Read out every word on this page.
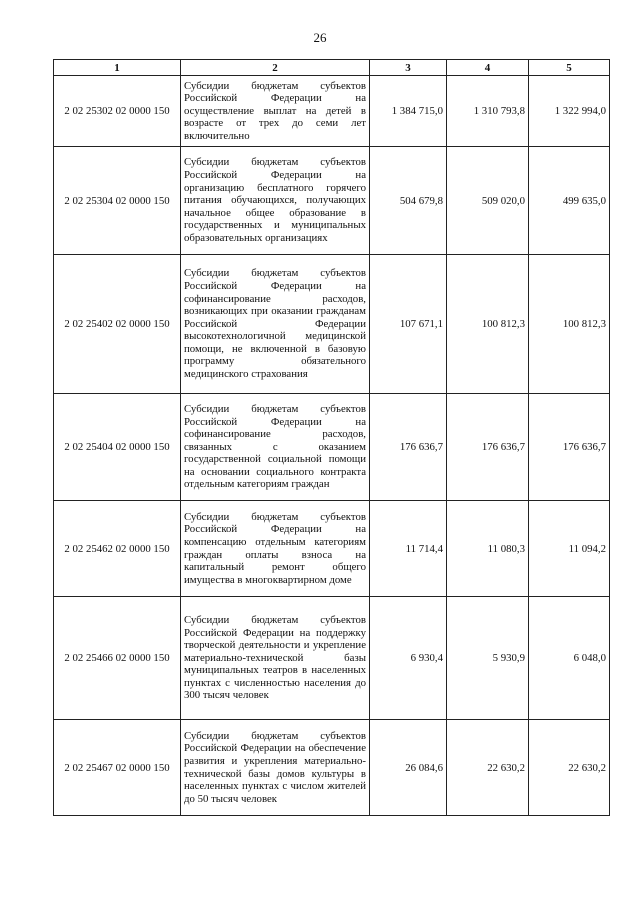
26
1	2	3	4	5
2 02 25302 02 0000 150	Субсидии бюджетам субъектов Российской Федерации на осуществление выплат на детей в возрасте от трех до семи лет включительно	1 384 715,0	1 310 793,8	1 322 994,0
2 02 25304 02 0000 150	Субсидии бюджетам субъектов Российской Федерации на организацию бесплатного горячего питания обучающихся, получающих начальное общее образование в государственных и муниципальных образовательных организациях	504 679,8	509 020,0	499 635,0
2 02 25402 02 0000 150	Субсидии бюджетам субъектов Российской Федерации на софинансирование расходов, возникающих при оказании гражданам Российской Федерации высокотехнологичной медицинской помощи, не включенной в базовую программу обязательного медицинского страхования	107 671,1	100 812,3	100 812,3
2 02 25404 02 0000 150	Субсидии бюджетам субъектов Российской Федерации на софинансирование расходов, связанных с оказанием государственной социальной помощи на основании социального контракта отдельным категориям граждан	176 636,7	176 636,7	176 636,7
2 02 25462 02 0000 150	Субсидии бюджетам субъектов Российской Федерации на компенсацию отдельным категориям граждан оплаты взноса на капитальный ремонт общего имущества в многоквартирном доме	11 714,4	11 080,3	11 094,2
2 02 25466 02 0000 150	Субсидии бюджетам субъектов Российской Федерации на поддержку творческой деятельности и укрепление материально-технической базы муниципальных театров в населенных пунктах с численностью населения до 300 тысяч человек	6 930,4	5 930,9	6 048,0
2 02 25467 02 0000 150	Субсидии бюджетам субъектов Российской Федерации на обеспечение развития и укрепления материально-технической базы домов культуры в населенных пунктах с числом жителей до 50 тысяч человек	26 084,6	22 630,2	22 630,2
